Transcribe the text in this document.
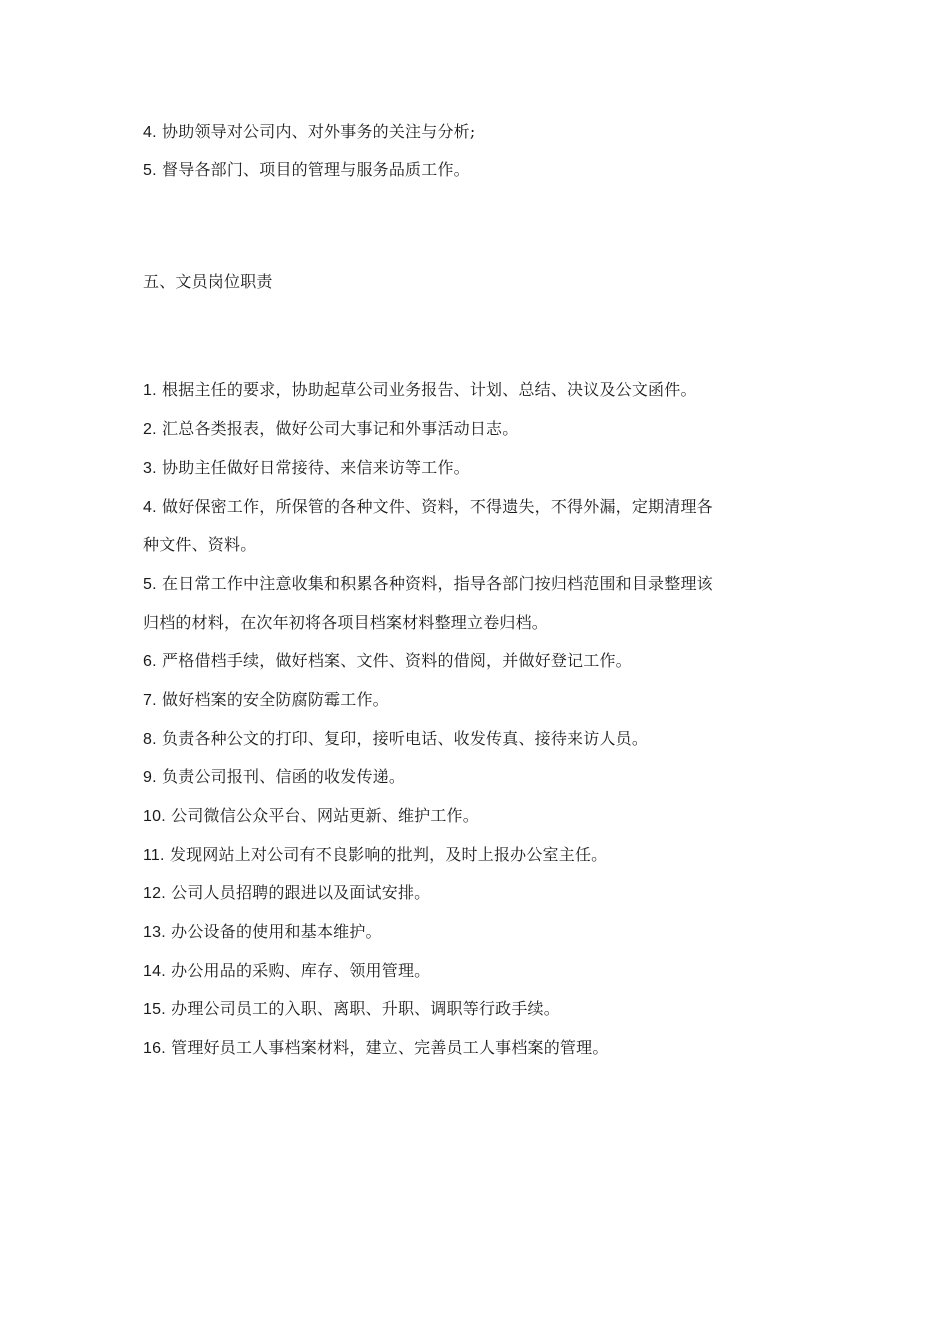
4. 协助领导对公司内、对外事务的关注与分析;
5. 督导各部门、项目的管理与服务品质工作。
五、文员岗位职责
1. 根据主任的要求，协助起草公司业务报告、计划、总结、决议及公文函件。
2. 汇总各类报表，做好公司大事记和外事活动日志。
3. 协助主任做好日常接待、来信来访等工作。
4. 做好保密工作，所保管的各种文件、资料，不得遗失，不得外漏，定期清理各
种文件、资料。
5. 在日常工作中注意收集和积累各种资料，指导各部门按归档范围和目录整理该
归档的材料，在次年初将各项目档案材料整理立卷归档。
6. 严格借档手续，做好档案、文件、资料的借阅，并做好登记工作。
7. 做好档案的安全防腐防霉工作。
8. 负责各种公文的打印、复印，接听电话、收发传真、接待来访人员。
9. 负责公司报刊、信函的收发传递。
10. 公司微信公众平台、网站更新、维护工作。
11. 发现网站上对公司有不良影响的批判，及时上报办公室主任。
12. 公司人员招聘的跟进以及面试安排。
13. 办公设备的使用和基本维护。
14. 办公用品的采购、库存、领用管理。
15. 办理公司员工的入职、离职、升职、调职等行政手续。
16. 管理好员工人事档案材料，建立、完善员工人事档案的管理。
